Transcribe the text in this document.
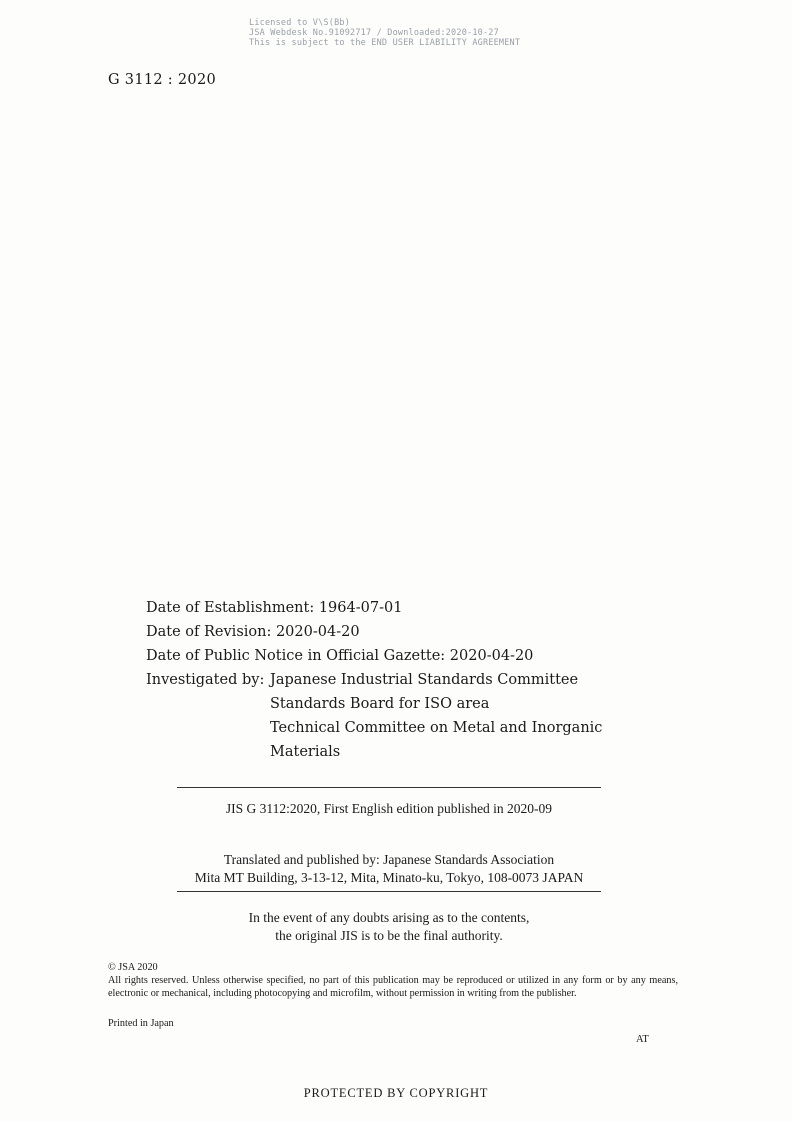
Licensed to V\S(Bb)
JSA Webdesk No.91092717 / Downloaded:2020-10-27
This is subject to the END USER LIABILITY AGREEMENT
G 3112 : 2020
Date of Establishment: 1964-07-01
Date of Revision: 2020-04-20
Date of Public Notice in Official Gazette: 2020-04-20
Investigated by: Japanese Industrial Standards Committee
Standards Board for ISO area
Technical Committee on Metal and Inorganic
Materials
JIS G 3112:2020, First English edition published in 2020-09
Translated and published by: Japanese Standards Association
Mita MT Building, 3-13-12, Mita, Minato-ku, Tokyo, 108-0073 JAPAN
In the event of any doubts arising as to the contents,
the original JIS is to be the final authority.
© JSA 2020
All rights reserved. Unless otherwise specified, no part of this publication may be reproduced or utilized in any form or by any means, electronic or mechanical, including photocopying and microfilm, without permission in writing from the publisher.
Printed in Japan
AT
PROTECTED BY COPYRIGHT
